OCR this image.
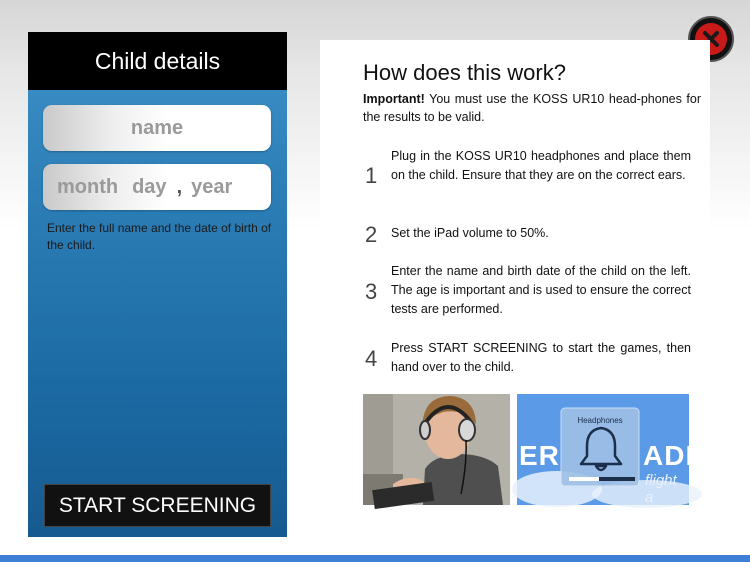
Child details
name
month day , year
Enter the full name and the date of birth of the child.
START SCREENING
How does this work?
Important! You must use the KOSS UR10 head-phones for the results to be valid.
1
Plug in the KOSS UR10 headphones and place them on the child. Ensure that they are on the correct ears.
2 Set the iPad volume to 50%.
3
Enter the name and birth date of the child on the left. The age is important and is used to ensure the correct tests are performed.
4 Press START SCREENING to start the games, then hand over to the child.
Headphones
ER	ADI
flight a
